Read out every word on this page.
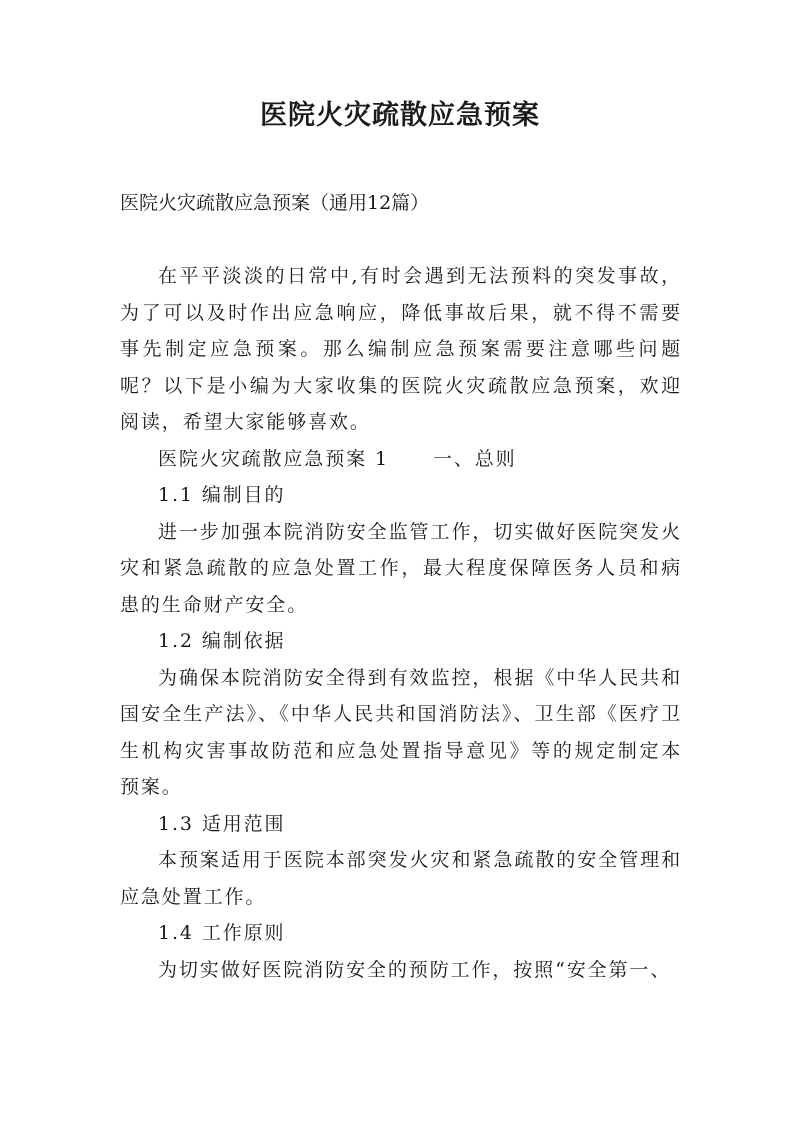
医院火灾疏散应急预案

医院火灾疏散应急预案（通用12篇）

在平平淡淡的日常中,有时会遇到无法预料的突发事故，为了可以及时作出应急响应，降低事故后果，就不得不需要事先制定应急预案。那么编制应急预案需要注意哪些问题呢？以下是小编为大家收集的医院火灾疏散应急预案，欢迎阅读，希望大家能够喜欢。

医院火灾疏散应急预案 1 一、总则

1.1 编制目的

进一步加强本院消防安全监管工作，切实做好医院突发火灾和紧急疏散的应急处置工作，最大程度保障医务人员和病患的生命财产安全。

1.2 编制依据

为确保本院消防安全得到有效监控，根据《中华人民共和国安全生产法》、《中华人民共和国消防法》、卫生部《医疗卫生机构灾害事故防范和应急处置指导意见》等的规定制定本预案。

1.3 适用范围

本预案适用于医院本部突发火灾和紧急疏散的安全管理和应急处置工作。

1.4 工作原则

为切实做好医院消防安全的预防工作，按照“安全第一、
